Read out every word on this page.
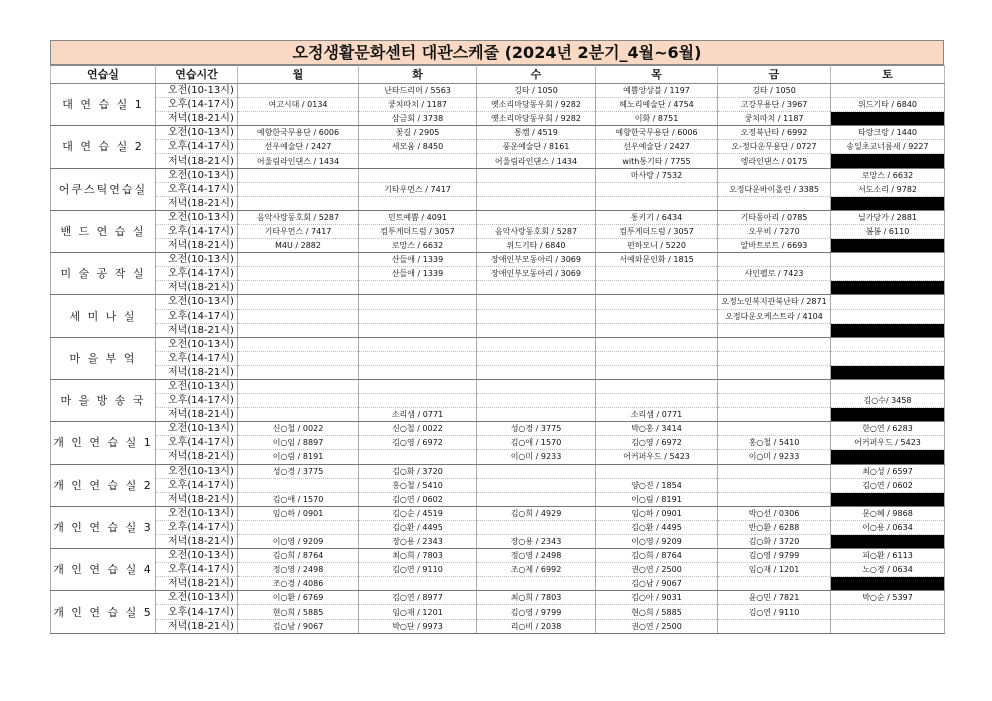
오정생활문화센터 대관스케줄 (2024년 2분기_4월~6월)
연습실	연습시간	월	화	수	목	금	토
대 연 습 실 1	오전(10-13시)		난타드리머 / 5563	깅타 / 1050	예쁨앙상블 / 1197	깅타 / 1050	
	오후(14-17시)	여고시대 / 0134	쿵치따치 / 1187	옛소리마당동우회 / 9282	헤노리예술단 / 4754	고강무용단 / 3967	위드기타 / 6840
	저녁(18-21시)		삼금회 / 3738	옛소리마당동우회 / 9282	이화 / 8751	쿵치따치 / 1187	
대 연 습 실 2	오전(10-13시)	예향한국무용단 / 6006	꽃길 / 2905	통캠 / 4519	예향한국무용단 / 6006	오정북난타 / 6992	타랑크랑 / 1440
	오후(14-17시)	선우예술단 / 2427	세모움 / 8450	풍운예술단 / 8161	선우예술단 / 2427	오-정다운무용단 / 0727	송일초교너름새 / 9227
	저녁(18-21시)	어울림라인댄스 / 1434		어울림라인댄스 / 1434	with통기타 / 7755	엥라인댄스 / 0175	
어쿠스틱연습실	오전(10-13시)				마사랑 / 7532		로망스 / 6632
	오후(14-17시)		기타우먼스 / 7417			오정다운바이올린 / 3385	서도소리 / 9782
	저녁(18-21시)						
밴 드 연 습 실	오전(10-13시)	음악사랑동호회 / 5287	민트예쁨 / 4091		통키기 / 6434	기타동아리 / 0785	닐가당가 / 2881
	오후(14-17시)	기타우먼스 / 7417	컴투게더드럼 / 3057	음악사랑동호회 / 5287	컴투게더드럼 / 3057	오우비 / 7270	봄봄 / 6110
	저녁(18-21시)	M4U / 2882	로망스 / 6632	위드기타 / 6840	펀하모니 / 5220	알바트로트 / 6693	
미 술 공 작 실	오전(10-13시)		산들애 / 1339	장애인부모동아리 / 3069	서예와문인화 / 1815		
	오후(14-17시)		산들애 / 1339	장애인부모동아리 / 3069		샤인펠로 / 7423	
	저녁(18-21시)						
세 미 나 실	오전(10-13시)					오정노인복지관북난타 / 2871	
	오후(14-17시)					오정다운오케스트라 / 4104	
	저녁(18-21시)						
마 을 부 엌	오전(10-13시)						
	오후(14-17시)						
	저녁(18-21시)						
마 을 방 송 국	오전(10-13시)						
	오후(14-17시)						김○수/ 3458
	저녁(18-21시)		소리샘 / 0771		소리샘 / 0771		
개 인 연 습 실 1	오전(10-13시)	신○철 / 0022	신○철 / 0022	성○경 / 3775	박○홍 / 3414		한○연 / 6283
	오후(14-17시)	이○임 / 8897	김○영 / 6972	김○애 / 1570	김○영 / 6972	홍○철 / 5410	어커퍼우드 / 5423
	저녁(18-21시)	이○림 / 8191		이○미 / 9233	어커퍼우드 / 5423	이○미 / 9233	
개 인 연 습 실 2	오전(10-13시)	성○경 / 3775	김○화 / 3720				최○성 / 6597
	오후(14-17시)		홍○철 / 5410		양○진 / 1854		김○연 / 0602
	저녁(18-21시)	김○애 / 1570	김○연 / 0602		이○림 / 8191		
개 인 연 습 실 3	오전(10-13시)	임○하 / 0901	김○순 / 4519	김○희 / 4929	임○하 / 0901	박○선 / 0306	문○혜 / 9868
	오후(14-17시)		김○환 / 4495		김○환 / 4495	반○환 / 6288	이○용 / 0634
	저녁(18-21시)	이○영 / 9209	장○용 / 2343	장○용 / 2343	이○영 / 9209	김○화 / 3720	
개 인 연 습 실 4	오전(10-13시)	김○희 / 8764	최○희 / 7803	정○영 / 2498	김○희 / 8764	김○영 / 9799	피○환 / 6113
	오후(14-17시)	정○영 / 2498	김○연 / 9110	조○제 / 6992	권○연 / 2500	임○재 / 1201	노○경 / 0634
	저녁(18-21시)	조○경 / 4086			김○남 / 9067		
개 인 연 습 실 5	오전(10-13시)	이○환 / 6769	김○연 / 8977	최○희 / 7803	김○아 / 9031	윤○민 / 7821	박○순 / 5397
	오후(14-17시)	현○희 / 5885	임○재 / 1201	김○영 / 9799	현○희 / 5885	김○연 / 9110	
	저녁(18-21시)	김○남 / 9067	박○단 / 9973	리○비 / 2038	권○연 / 2500		
